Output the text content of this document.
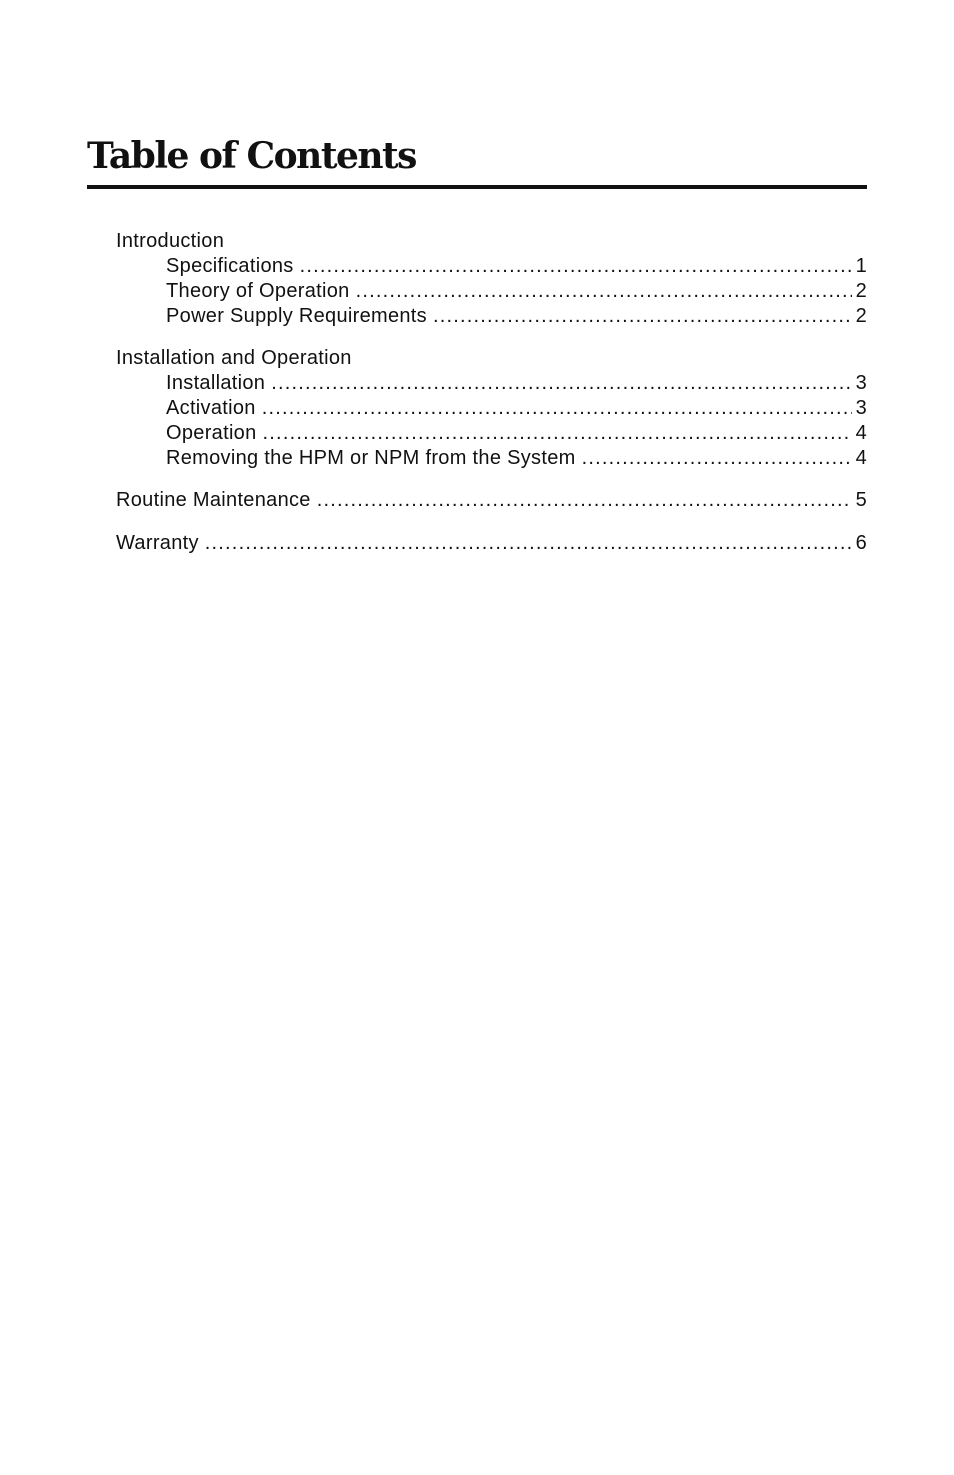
Table of Contents
Introduction
Specifications .....	1
Theory of Operation .....	2
Power Supply Requirements .....	2
Installation and Operation
Installation .....	3
Activation .....	3
Operation .....	4
Removing the HPM or NPM from the System .....	4
Routine Maintenance .....	5
Warranty .....	6
